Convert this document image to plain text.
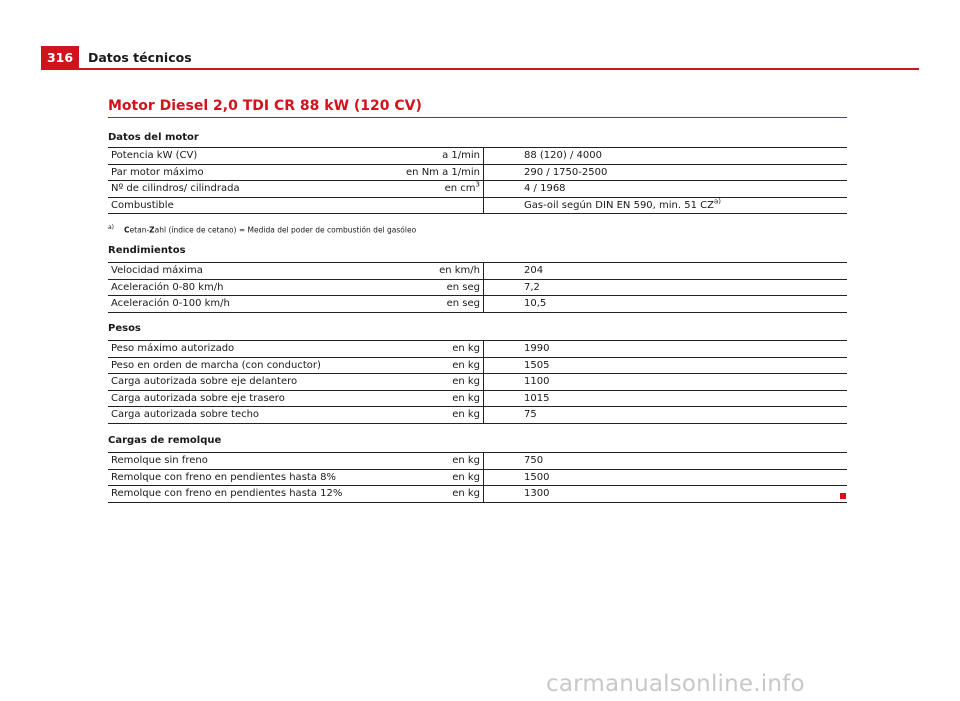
316	Datos técnicos
Motor Diesel 2,0 TDI CR 88 kW (120 CV)
Datos del motor
Potencia kW (CV)	a 1/min	88 (120) / 4000
Par motor máximo	en Nm a 1/min	290 / 1750-2500
Nº de cilindros/ cilindrada	en $cm^3$	4 / 1968
Combustible		Gas-oil según DIN EN 590, min. 51 CZ$^{a)}$
$^{a)}$ Cetan-Zahl (índice de cetano) = Medida del poder de combustión del gasóleo
Rendimientos
Velocidad máxima	en km/h	204
Aceleración 0-80 km/h	en seg	7,2
Aceleración 0-100 km/h	en seg	10,5
Pesos
Peso máximo autorizado	en kg	1990
Peso en orden de marcha (con conductor)	en kg	1505
Carga autorizada sobre eje delantero	en kg	1100
Carga autorizada sobre eje trasero	en kg	1015
Carga autorizada sobre techo	en kg	75
Cargas de remolque
Remolque sin freno	en kg	750
Remolque con freno en pendientes hasta 8%	en kg	1500
Remolque con freno en pendientes hasta 12%	en kg	1300
carmanualsonline.info
